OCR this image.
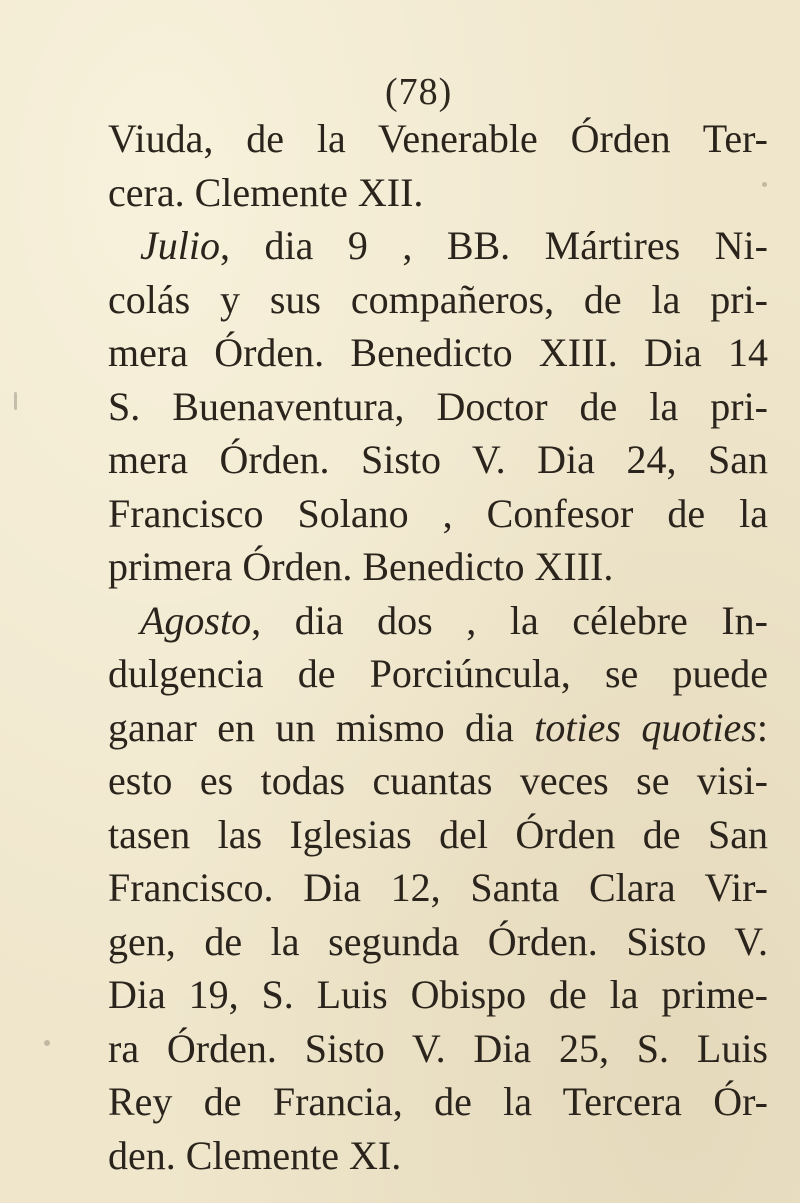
(78)
Viuda, de la Venerable Órden Ter-
cera. Clemente XII.
Julio, dia 9 , BB. Mártires Ni-
colás y sus compañeros, de la pri-
mera Órden. Benedicto XIII. Dia 14
S. Buenaventura, Doctor de la pri-
mera Órden. Sisto V. Dia 24, San
Francisco Solano , Confesor de la
primera Órden. Benedicto XIII.
Agosto, dia dos , la célebre In-
dulgencia de Porciúncula, se puede
ganar en un mismo dia toties quoties:
esto es todas cuantas veces se visi-
tasen las Iglesias del Órden de San
Francisco. Dia 12, Santa Clara Vir-
gen, de la segunda Órden. Sisto V.
Dia 19, S. Luis Obispo de la prime-
ra Órden. Sisto V. Dia 25, S. Luis
Rey de Francia, de la Tercera Ór-
den. Clemente XI.
